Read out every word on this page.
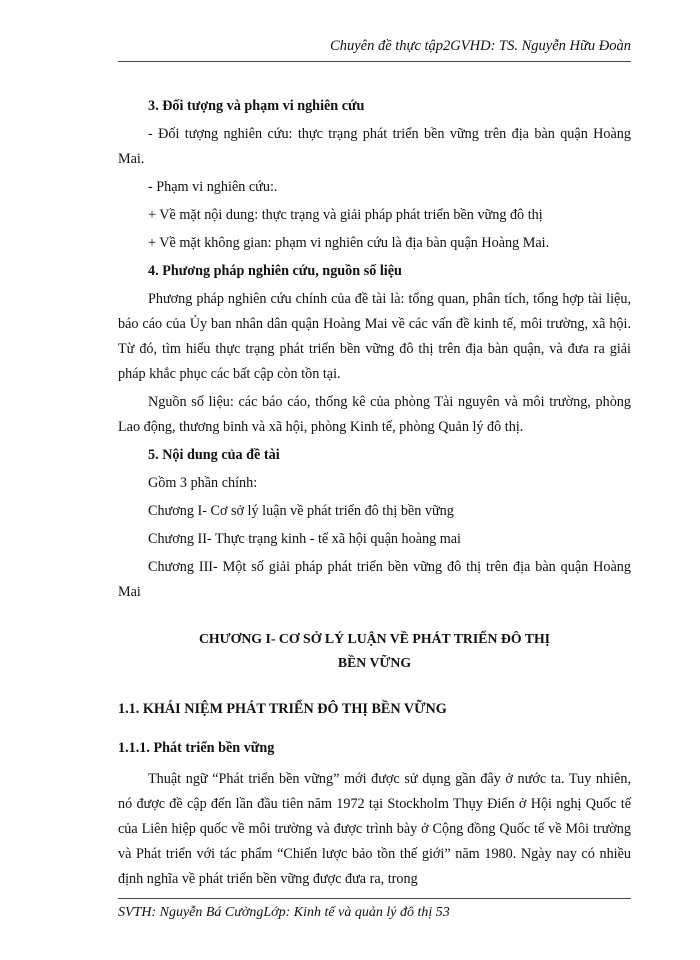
Chuyên đề thực tập2GVHD: TS. Nguyễn Hữu Đoàn

3. Đối tượng và phạm vi nghiên cứu

- Đối tượng nghiên cứu: thực trạng phát triển bền vững trên địa bàn quận Hoàng Mai.

- Phạm vi nghiên cứu:.

+ Về mặt nội dung: thực trạng và giải pháp phát triển bền vững đô thị

+ Về mặt không gian: phạm vi nghiên cứu là địa bàn quận Hoàng Mai.

4. Phương pháp nghiên cứu, nguồn số liệu

Phương pháp nghiên cứu chính của đề tài là: tổng quan, phân tích, tổng hợp tài liệu, báo cáo của Ủy ban nhân dân quận Hoàng Mai về các vấn đề kinh tế, môi trường, xã hội. Từ đó, tìm hiểu thực trạng phát triển bền vững đô thị trên địa bàn quận, và đưa ra giải pháp khắc phục các bất cập còn tồn tại.

Nguồn số liệu: các báo cáo, thống kê của phòng Tài nguyên và môi trường, phòng Lao động, thương binh và xã hội, phòng Kinh tế, phòng Quản lý đô thị.

5. Nội dung của đề tài

Gồm 3 phần chính:

Chương I- Cơ sở lý luận về phát triển đô thị bền vững

Chương II- Thực trạng kinh - tế xã hội quận hoàng mai

Chương III- Một số giải pháp phát triển bền vững đô thị trên địa bàn quận Hoàng Mai

CHƯƠNG I- CƠ SỞ LÝ LUẬN VỀ PHÁT TRIỂN ĐÔ THỊ

BỀN VỮNG

1.1. KHÁI NIỆM PHÁT TRIỂN ĐÔ THỊ BỀN VỮNG

1.1.1. Phát triển bền vững

Thuật ngữ “Phát triển bền vững” mới được sử dụng gần đây ở nước ta. Tuy nhiên, nó được đề cập đến lần đầu tiên năm 1972 tại Stockholm Thụy Điển ở Hội nghị Quốc tế của Liên hiệp quốc về môi trường và được trình bày ở Cộng đồng Quốc tế về Môi trường và Phát triển với tác phẩm “Chiến lược bảo tồn thế giới” năm 1980. Ngày nay có nhiều định nghĩa về phát triển bền vững được đưa ra, trong

SVTH: Nguyễn Bá CườngLớp: Kinh tế và quản lý đô thị 53
